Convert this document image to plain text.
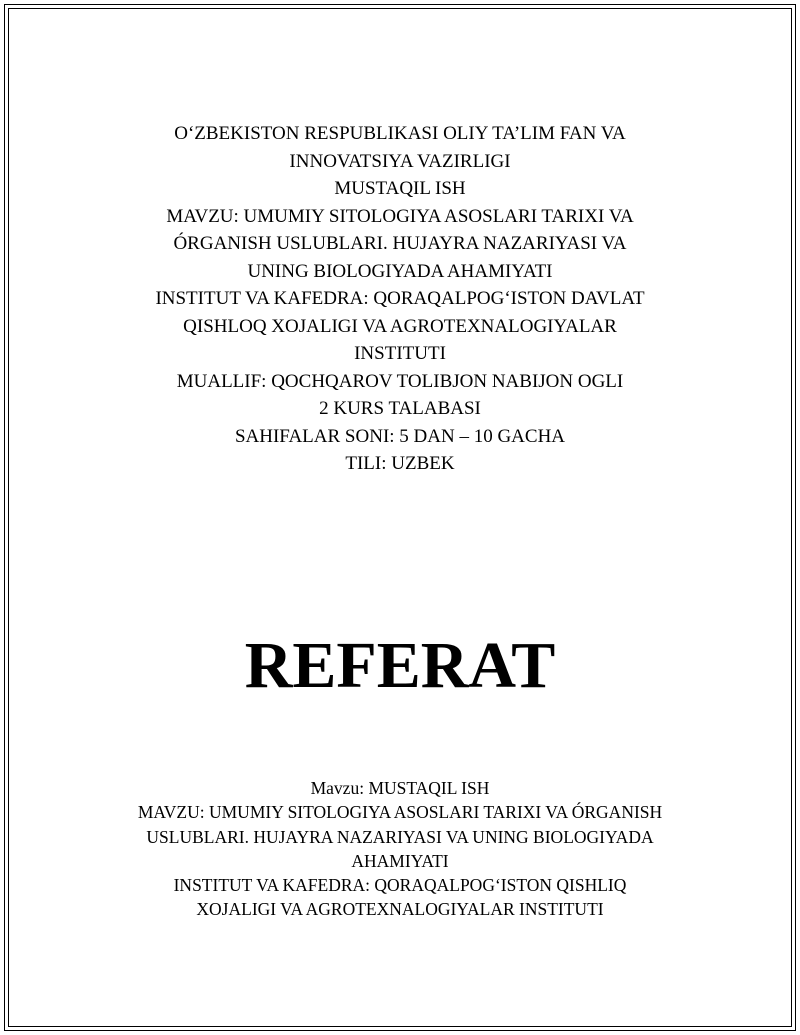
O‘ZBEKISTON RESPUBLIKASI OLIY TA’LIM FAN VA
INNOVATSIYA VAZIRLIGI
MUSTAQIL ISH
MAVZU: UMUMIY SITOLOGIYA ASOSLARI TARIXI VA
ÓRGANISH USLUBLARI. HUJAYRA NAZARIYASI VA
UNING BIOLOGIYADA AHAMIYATI
INSTITUT VA KAFEDRA: QORAQALPOG‘ISTON DAVLAT
QISHLOQ XOJALIGI VA AGROTEXNALOGIYALAR
INSTITUTI
MUALLIF: QOCHQAROV TOLIBJON NABIJON OGLI
2 KURS TALABASI
SAHIFALAR SONI: 5 DAN – 10 GACHA
TILI: UZBEK
REFERAT
Mavzu: MUSTAQIL ISH
MAVZU: UMUMIY SITOLOGIYA ASOSLARI TARIXI VA ÓRGANISH
USLUBLARI. HUJAYRA NAZARIYASI VA UNING BIOLOGIYADA
AHAMIYATI
INSTITUT VA KAFEDRA: QORAQALPOG‘ISTON QISHLIQ
XOJALIGI VA AGROTEXNALOGIYALAR INSTITUTI
